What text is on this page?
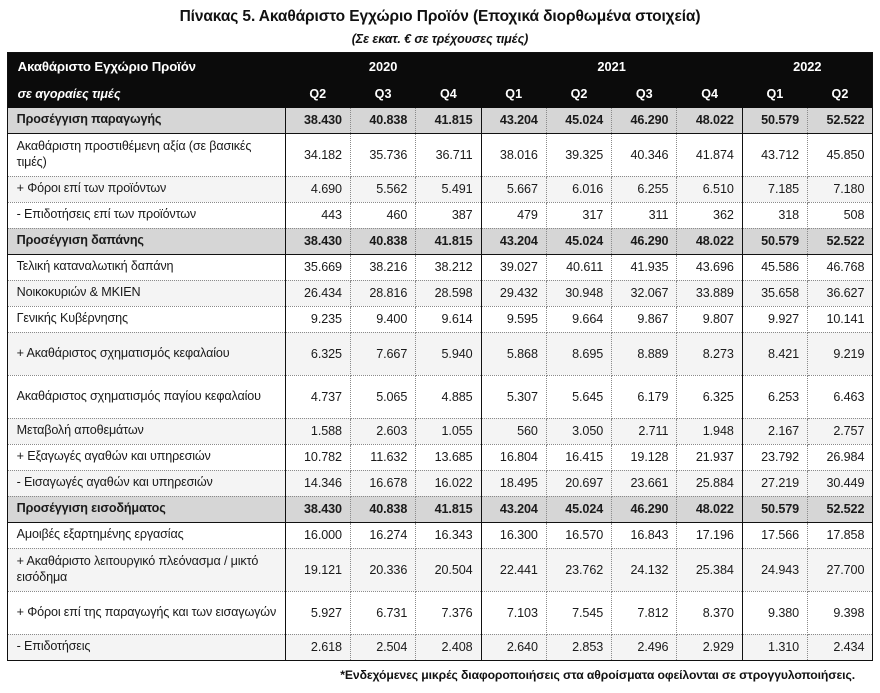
Πίνακας 5. Ακαθάριστο Εγχώριο Προϊόν (Εποχικά διορθωμένα στοιχεία)
(Σε εκατ. € σε τρέχουσες τιμές)
Ακαθάριστο Εγχώριο Προϊόν	2020			2021				2022	
σε αγοραίες τιμές	Q2	Q3	Q4	Q1	Q2	Q3	Q4	Q1	Q2
Προσέγγιση παραγωγής	38.430	40.838	41.815	43.204	45.024	46.290	48.022	50.579	52.522
Ακαθάριστη προστιθέμενη αξία (σε βασικές τιμές)	34.182	35.736	36.711	38.016	39.325	40.346	41.874	43.712	45.850
+ Φόροι επί των προϊόντων	4.690	5.562	5.491	5.667	6.016	6.255	6.510	7.185	7.180
- Επιδοτήσεις επί των προϊόντων	443	460	387	479	317	311	362	318	508
Προσέγγιση δαπάνης	38.430	40.838	41.815	43.204	45.024	46.290	48.022	50.579	52.522
Τελική καταναλωτική δαπάνη	35.669	38.216	38.212	39.027	40.611	41.935	43.696	45.586	46.768
Νοικοκυριών & ΜΚΙΕΝ	26.434	28.816	28.598	29.432	30.948	32.067	33.889	35.658	36.627
Γενικής Κυβέρνησης	9.235	9.400	9.614	9.595	9.664	9.867	9.807	9.927	10.141
+ Ακαθάριστος σχηματισμός κεφαλαίου	6.325	7.667	5.940	5.868	8.695	8.889	8.273	8.421	9.219
Ακαθάριστος σχηματισμός παγίου κεφαλαίου	4.737	5.065	4.885	5.307	5.645	6.179	6.325	6.253	6.463
Μεταβολή αποθεμάτων	1.588	2.603	1.055	560	3.050	2.711	1.948	2.167	2.757
+ Εξαγωγές αγαθών και υπηρεσιών	10.782	11.632	13.685	16.804	16.415	19.128	21.937	23.792	26.984
- Εισαγωγές αγαθών και υπηρεσιών	14.346	16.678	16.022	18.495	20.697	23.661	25.884	27.219	30.449
Προσέγγιση εισοδήματος	38.430	40.838	41.815	43.204	45.024	46.290	48.022	50.579	52.522
Αμοιβές εξαρτημένης εργασίας	16.000	16.274	16.343	16.300	16.570	16.843	17.196	17.566	17.858
+ Ακαθάριστο λειτουργικό πλεόνασμα / μικτό εισόδημα	19.121	20.336	20.504	22.441	23.762	24.132	25.384	24.943	27.700
+ Φόροι επί της παραγωγής και των εισαγωγών	5.927	6.731	7.376	7.103	7.545	7.812	8.370	9.380	9.398
- Επιδοτήσεις	2.618	2.504	2.408	2.640	2.853	2.496	2.929	1.310	2.434
*Ενδεχόμενες μικρές διαφοροποιήσεις στα αθροίσματα οφείλονται σε στρογγυλοποιήσεις.
